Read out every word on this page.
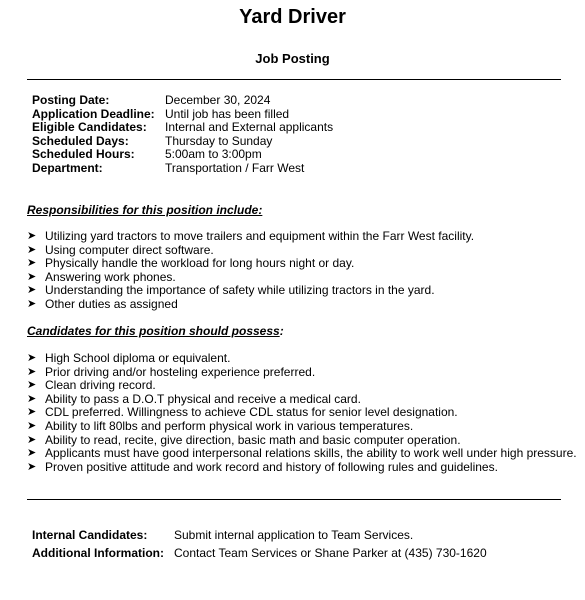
Yard Driver
Job Posting
Posting Date:	December 30, 2024
Application Deadline: Until job has been filled
Eligible Candidates: Internal and External applicants
Scheduled Days:	Thursday to Sunday
Scheduled Hours:	5:00am to 3:00pm
Department:	Transportation / Farr West
Responsibilities for this position include:
➤ Utilizing yard tractors to move trailers and equipment within the Farr West facility.
➤ Using computer direct software.
➤ Physically handle the workload for long hours night or day.
➤ Answering work phones.
➤ Understanding the importance of safety while utilizing tractors in the yard.
➤ Other duties as assigned
Candidates for this position should possess:
➤ High School diploma or equivalent.
➤ Prior driving and/or hosteling experience preferred.
➤ Clean driving record.
➤ Ability to pass a D.O.T physical and receive a medical card.
➤ CDL preferred. Willingness to achieve CDL status for senior level designation.
➤ Ability to lift 80lbs and perform physical work in various temperatures.
➤ Ability to read, recite, give direction, basic math and basic computer operation.
➤ Applicants must have good interpersonal relations skills, the ability to work well under high pressure.
➤ Proven positive attitude and work record and history of following rules and guidelines.
Internal Candidates: Submit internal application to Team Services.
Additional Information: Contact Team Services or Shane Parker at (435) 730-1620
